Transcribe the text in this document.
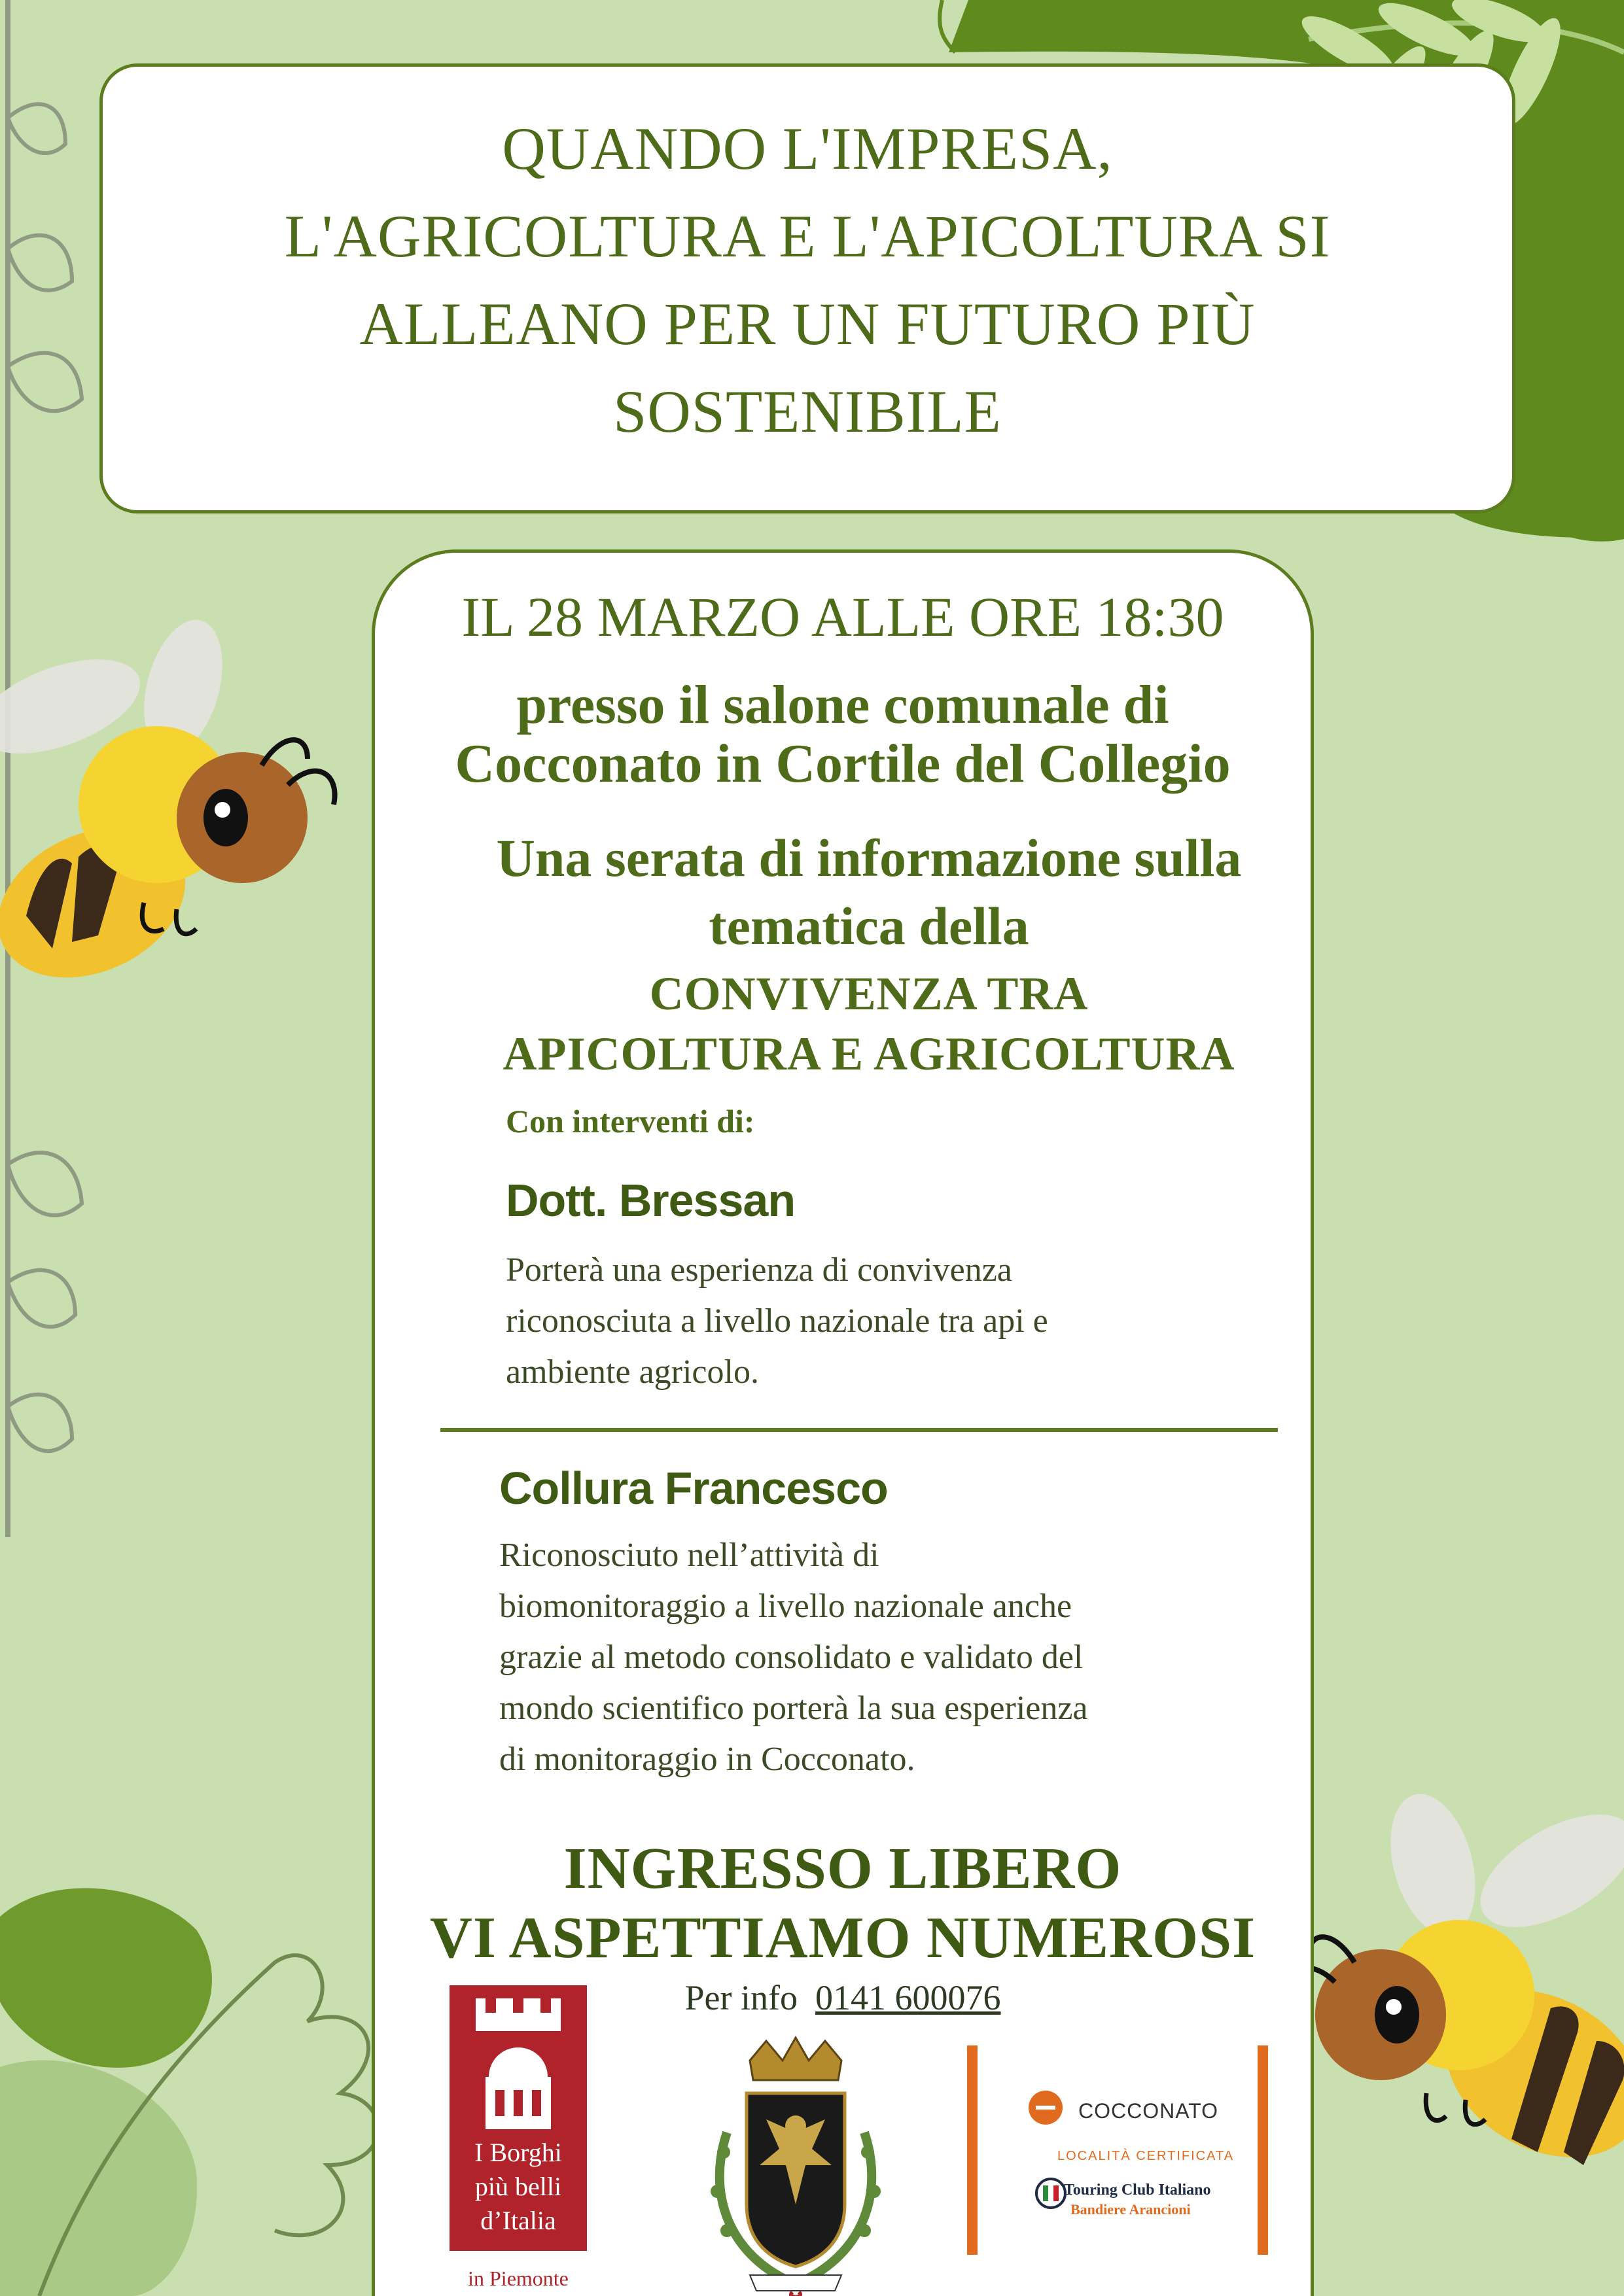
QUANDO L'IMPRESA,
L'AGRICOLTURA E L'APICOLTURA SI
ALLEANO PER UN FUTURO PIÙ
SOSTENIBILE
IL 28 MARZO ALLE ORE 18:30
presso il salone comunale di
Cocconato in Cortile del Collegio
Una serata di informazione sulla
tematica della
CONVIVENZA TRA
APICOLTURA E AGRICOLTURA
Con interventi di:
Dott. Bressan
Porterà una esperienza di convivenza
riconosciuta a livello nazionale tra api e
ambiente agricolo.
Collura Francesco
Riconosciuto nell’attività di
biomonitoraggio a livello nazionale anche
grazie al metodo consolidato e validato del
mondo scientifico porterà la sua esperienza
di monitoraggio in Cocconato.
INGRESSO LIBERO
VI ASPETTIAMO NUMEROSI
Per info 0141 600076
I Borghi
più belli
d’Italia
in Piemonte
COCCONATO
LOCALITÀ CERTIFICATA
Touring Club Italiano
Bandiere Arancioni
